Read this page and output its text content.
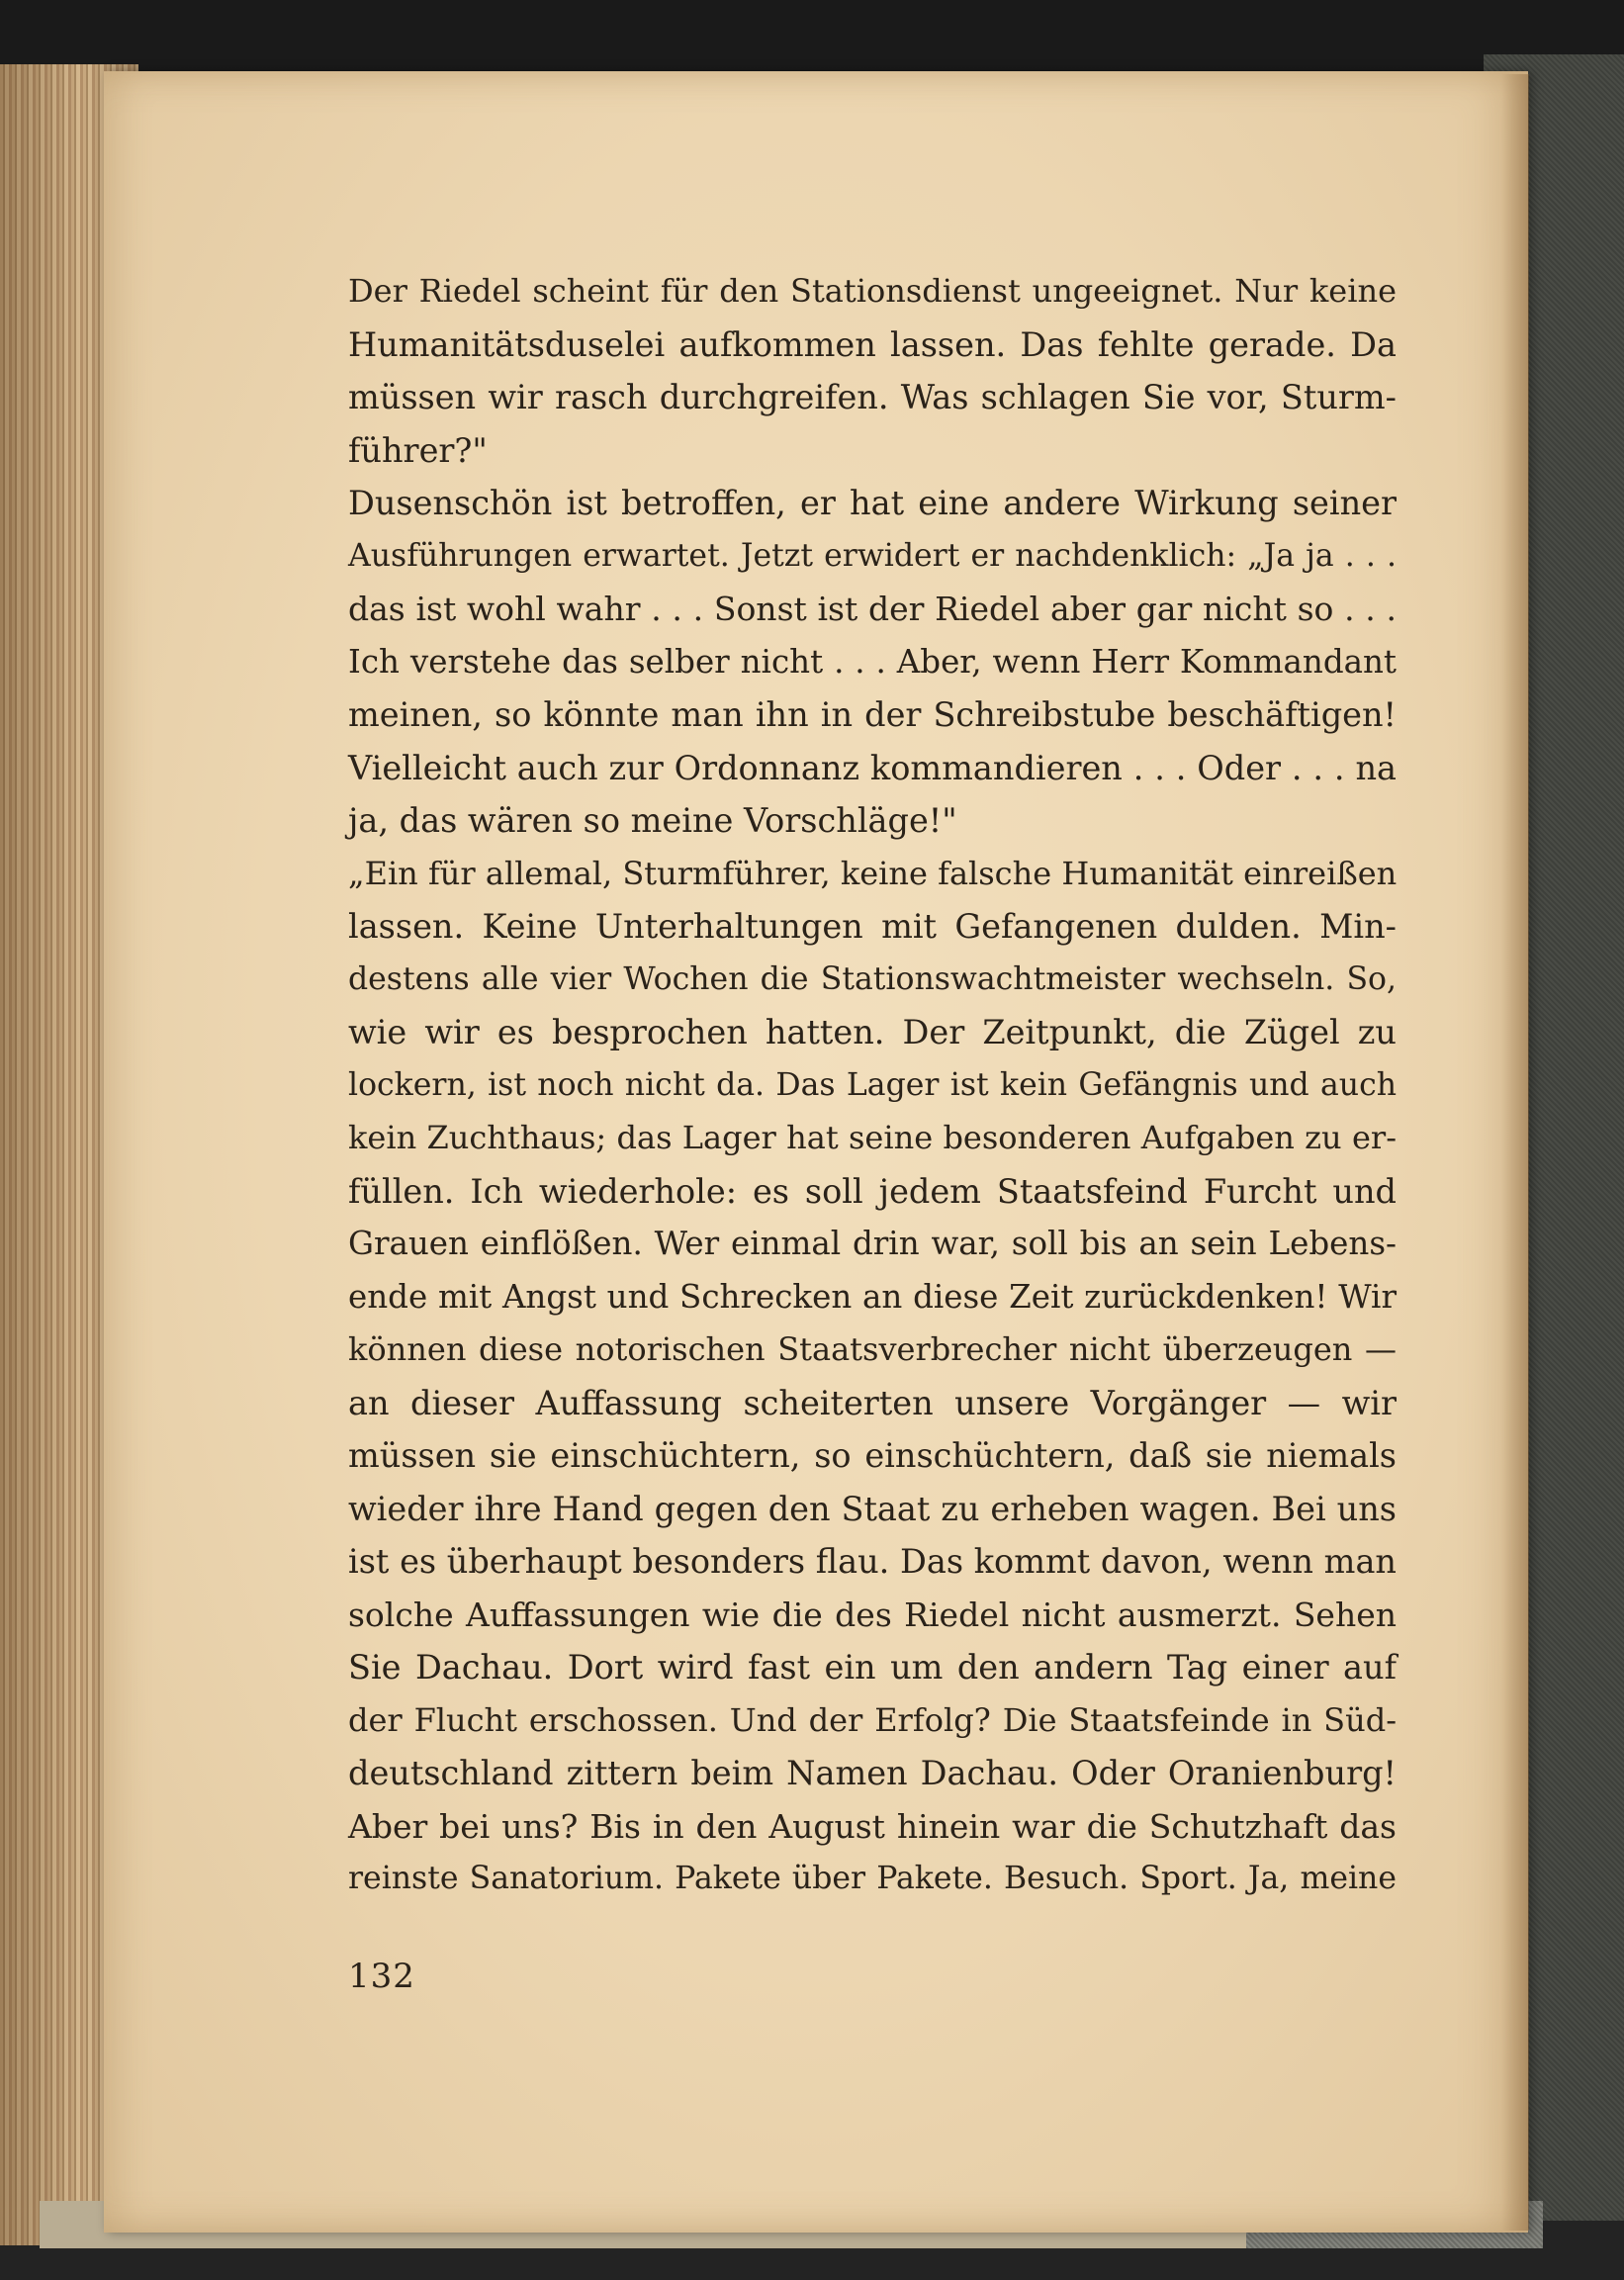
Der Riedel scheint für den Stationsdienst ungeeignet. Nur keine
Humanitätsduselei aufkommen lassen. Das fehlte gerade. Da
müssen wir rasch durchgreifen. Was schlagen Sie vor, Sturm-
führer?"
Dusenschön ist betroffen, er hat eine andere Wirkung seiner
Ausführungen erwartet. Jetzt erwidert er nachdenklich: „Ja ja . . .
das ist wohl wahr . . . Sonst ist der Riedel aber gar nicht so . . .
Ich verstehe das selber nicht . . . Aber, wenn Herr Kommandant
meinen, so könnte man ihn in der Schreibstube beschäftigen!
Vielleicht auch zur Ordonnanz kommandieren . . . Oder . . . na
ja, das wären so meine Vorschläge!"
„Ein für allemal, Sturmführer, keine falsche Humanität einreißen
lassen. Keine Unterhaltungen mit Gefangenen dulden. Min-
destens alle vier Wochen die Stationswachtmeister wechseln. So,
wie wir es besprochen hatten. Der Zeitpunkt, die Zügel zu
lockern, ist noch nicht da. Das Lager ist kein Gefängnis und auch
kein Zuchthaus; das Lager hat seine besonderen Aufgaben zu er-
füllen. Ich wiederhole: es soll jedem Staatsfeind Furcht und
Grauen einflößen. Wer einmal drin war, soll bis an sein Lebens-
ende mit Angst und Schrecken an diese Zeit zurückdenken! Wir
können diese notorischen Staatsverbrecher nicht überzeugen —
an dieser Auffassung scheiterten unsere Vorgänger — wir
müssen sie einschüchtern, so einschüchtern, daß sie niemals
wieder ihre Hand gegen den Staat zu erheben wagen. Bei uns
ist es überhaupt besonders flau. Das kommt davon, wenn man
solche Auffassungen wie die des Riedel nicht ausmerzt. Sehen
Sie Dachau. Dort wird fast ein um den andern Tag einer auf
der Flucht erschossen. Und der Erfolg? Die Staatsfeinde in Süd-
deutschland zittern beim Namen Dachau. Oder Oranienburg!
Aber bei uns? Bis in den August hinein war die Schutzhaft das
reinste Sanatorium. Pakete über Pakete. Besuch. Sport. Ja, meine
132
